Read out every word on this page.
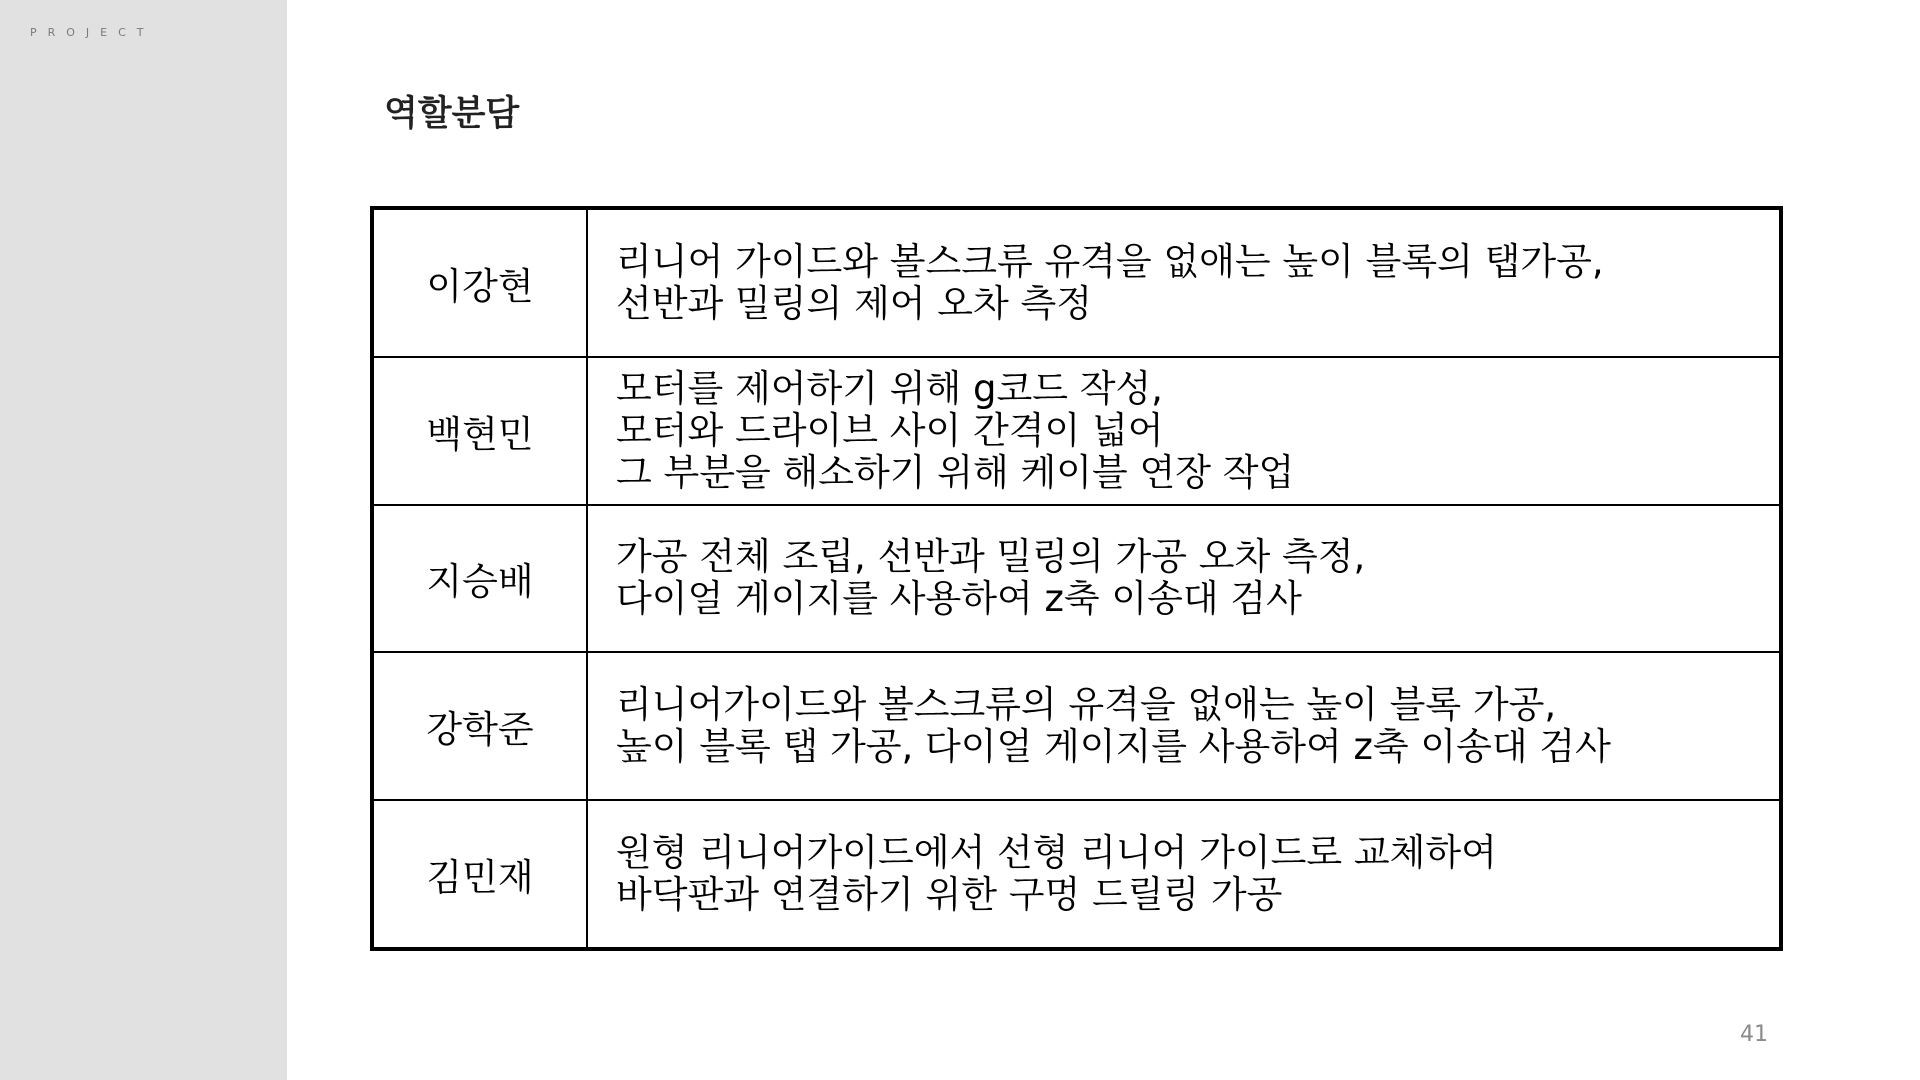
PROJECT
역할분담
이강현	리니어 가이드와 볼스크류 유격을 없애는 높이 블록의 탭가공,
선반과 밀링의 제어 오차 측정

백현민	모터를 제어하기 위해 g코드 작성,
모터와 드라이브 사이 간격이 넓어
그 부분을 해소하기 위해 케이블 연장 작업

지승배	가공 전체 조립, 선반과 밀링의 가공 오차 측정,
다이얼 게이지를 사용하여 z축 이송대 검사

강학준	리니어가이드와 볼스크류의 유격을 없애는 높이 블록 가공,
높이 블록 탭 가공, 다이얼 게이지를 사용하여 z축 이송대 검사

김민재	원형 리니어가이드에서 선형 리니어 가이드로 교체하여
바닥판과 연결하기 위한 구멍 드릴링 가공
41
